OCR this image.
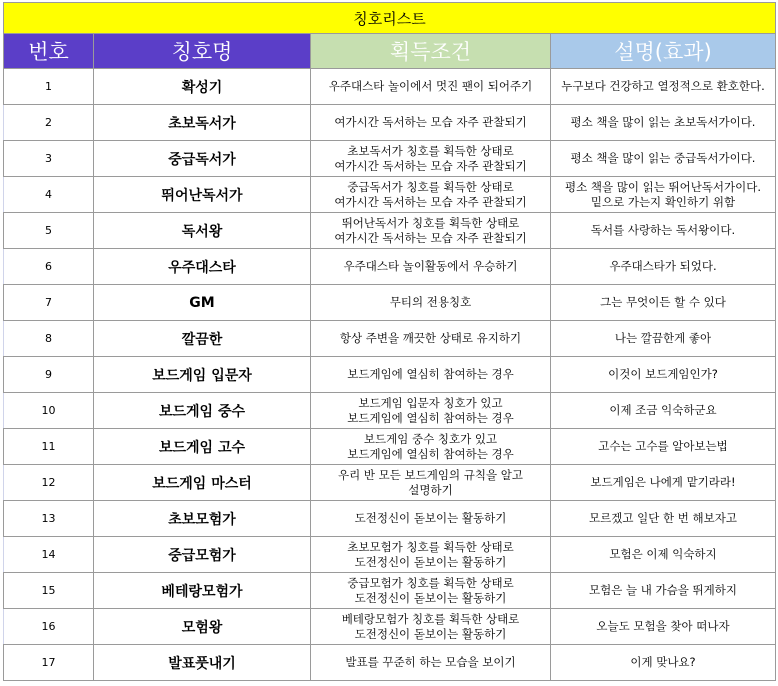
칭호리스트			
번호	칭호명	획득조건	설명(효과)
1	확성기	우주대스타 놀이에서 멋진 팬이 되어주기	누구보다 건강하고 열정적으로 환호한다.

2	초보독서가	여가시간 독서하는 모습 자주 관찰되기	평소 책을 많이 읽는 초보독서가이다.

3	중급독서가	초보독서가 칭호를 획득한 상태로
여가시간 독서하는 모습 자주 관찰되기	평소 책을 많이 읽는 중급독서가이다.

4	뛰어난독서가	중급독서가 칭호를 획득한 상태로
여가시간 독서하는 모습 자주 관찰되기	평소 책을 많이 읽는 뛰어난독서가이다.
밑으로 가는지 확인하기 위함

5	독서왕	뛰어난독서가 칭호를 획득한 상태로
여가시간 독서하는 모습 자주 관찰되기	독서를 사랑하는 독서왕이다.

6	우주대스타	우주대스타 놀이활동에서 우승하기	우주대스타가 되었다.

7	GM	무티의 전용칭호	그는 무엇이든 할 수 있다

8	깔끔한	항상 주변을 깨끗한 상태로 유지하기	나는 깔끔한게 좋아

9	보드게임 입문자	보드게임에 열심히 참여하는 경우	이것이 보드게임인가?

10	보드게임 중수	보드게임 입문자 칭호가 있고
보드게임에 열심히 참여하는 경우	이제 조금 익숙하군요

11	보드게임 고수	보드게임 중수 칭호가 있고
보드게임에 열심히 참여하는 경우	고수는 고수를 알아보는법

12	보드게임 마스터	우리 반 모든 보드게임의 규칙을 알고
설명하기	보드게임은 나에게 맡기라라!

13	초보모험가	도전정신이 돋보이는 활동하기	모르겠고 일단 한 번 해보자고

14	중급모험가	초보모험가 칭호를 획득한 상태로
도전정신이 돋보이는 활동하기	모험은 이제 익숙하지

15	베테랑모험가	중급모험가 칭호를 획득한 상태로
도전정신이 돋보이는 활동하기	모험은 늘 내 가슴을 뛰게하지

16	모험왕	베테랑모험가 칭호를 획득한 상태로
도전정신이 돋보이는 활동하기	오늘도 모험을 찾아 떠나자

17	발표풋내기	발표를 꾸준히 하는 모습을 보이기	이게 맞나요?
